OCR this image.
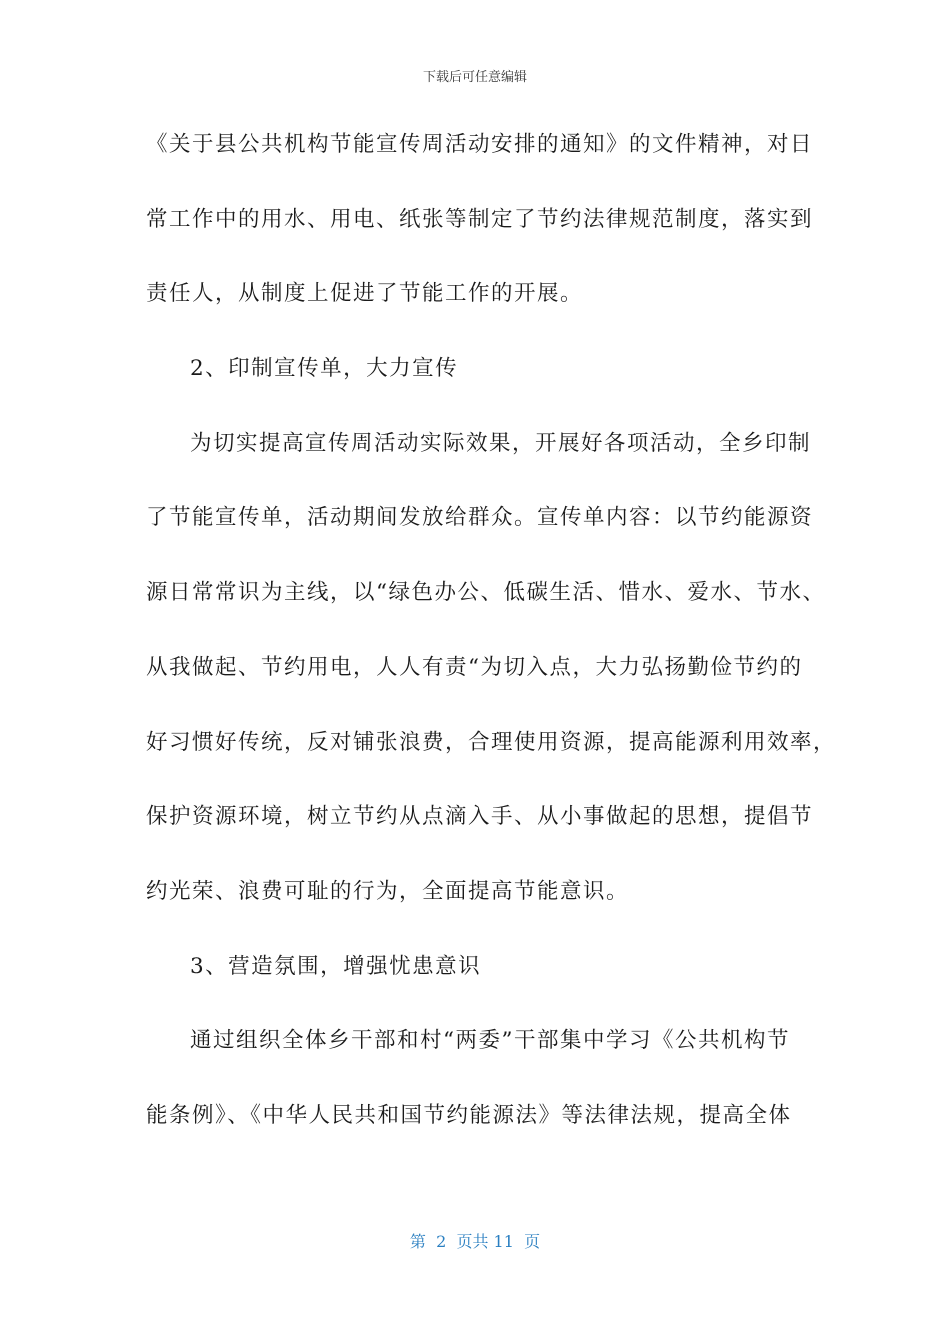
下载后可任意编辑
《关于县公共机构节能宣传周活动安排的通知》的文件精神，对日
常工作中的用水、用电、纸张等制定了节约法律规范制度，落实到
责任人，从制度上促进了节能工作的开展。
2、印制宣传单，大力宣传
为切实提高宣传周活动实际效果，开展好各项活动，全乡印制
了节能宣传单，活动期间发放给群众。宣传单内容：以节约能源资
源日常常识为主线，以“绿色办公、低碳生活、惜水、爱水、节水、
从我做起、节约用电，人人有责“为切入点，大力弘扬勤俭节约的
好习惯好传统，反对铺张浪费，合理使用资源，提高能源利用效率，
保护资源环境，树立节约从点滴入手、从小事做起的思想，提倡节
约光荣、浪费可耻的行为，全面提高节能意识。
3、营造氛围，增强忧患意识
通过组织全体乡干部和村“两委”干部集中学习《公共机构节
能条例》、《中华人民共和国节约能源法》等法律法规，提高全体
第  2  页共 11  页
